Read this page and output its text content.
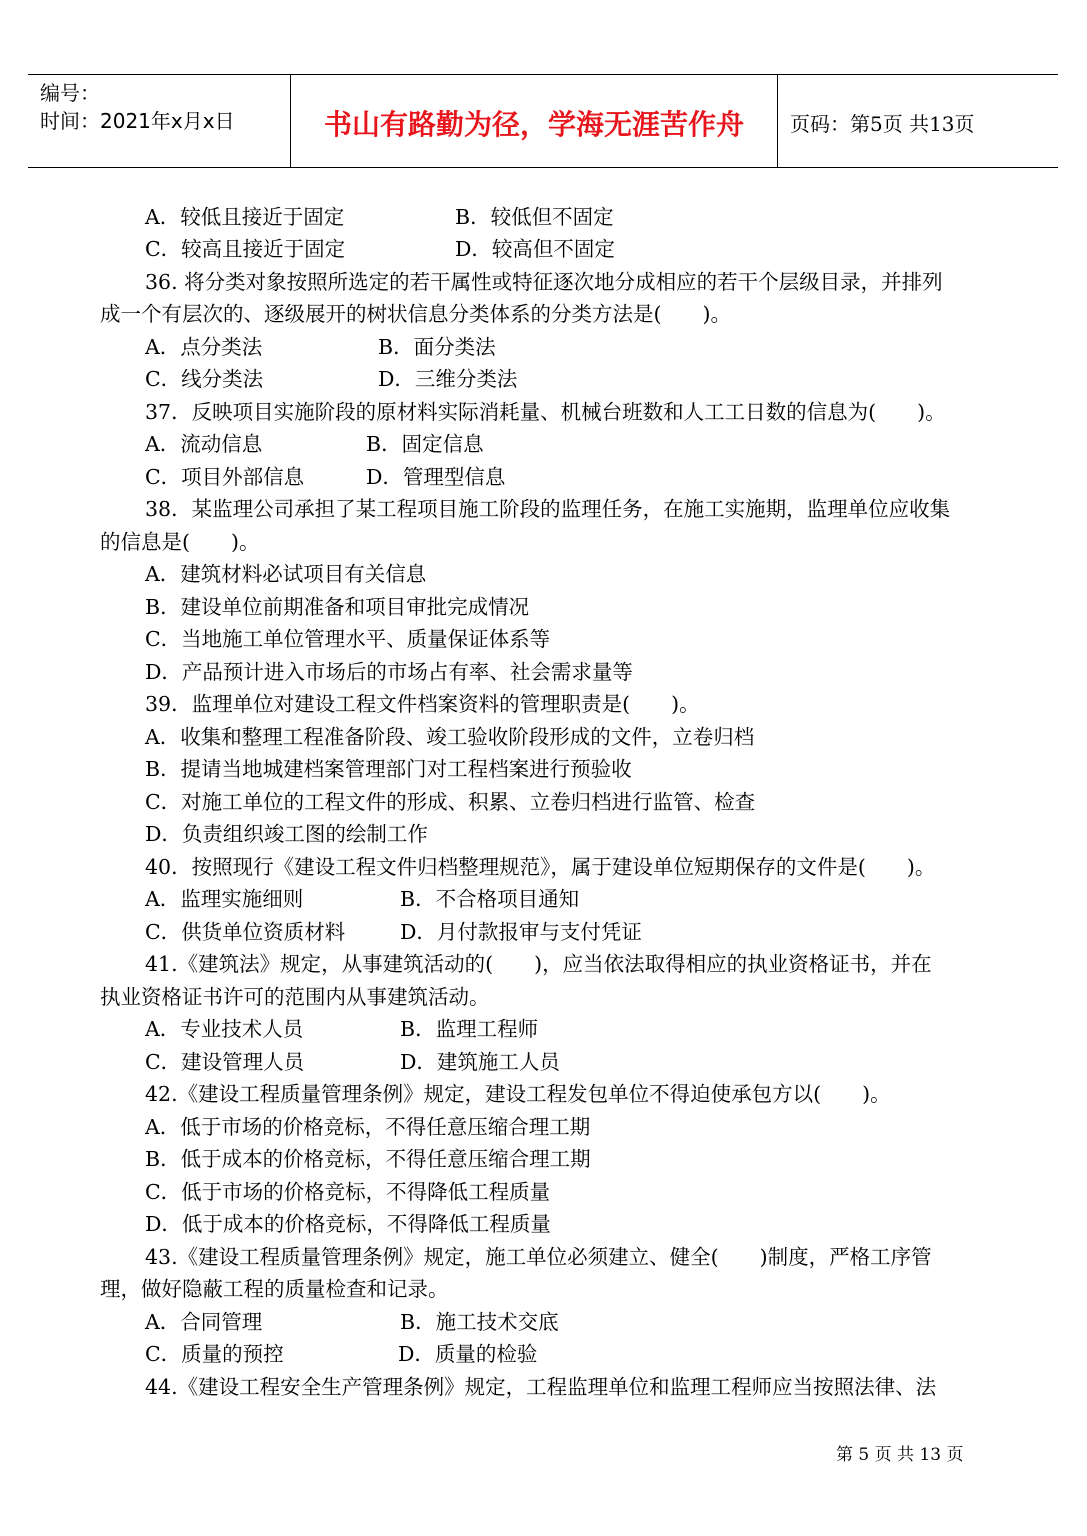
编号：
时间：2021年x月x日	书山有路勤为径，学海无涯苦作舟	页码：第5页 共13页
A．较低且接近于固定	B．较低但不固定
C．较高且接近于固定	D．较高但不固定
36. 将分类对象按照所选定的若干属性或特征逐次地分成相应的若干个层级目录，并排列
成一个有层次的、逐级展开的树状信息分类体系的分类方法是(　　)。
A．点分类法	B．面分类法
C．线分类法	D．三维分类法
37．反映项目实施阶段的原材料实际消耗量、机械台班数和人工工日数的信息为(　　)。
A．流动信息	B．固定信息
C．项目外部信息	D．管理型信息
38．某监理公司承担了某工程项目施工阶段的监理任务，在施工实施期，监理单位应收集
的信息是(　　)。
A．建筑材料必试项目有关信息
B．建设单位前期准备和项目审批完成情况
C．当地施工单位管理水平、质量保证体系等
D．产品预计进入市场后的市场占有率、社会需求量等
39．监理单位对建设工程文件档案资料的管理职责是(　　)。
A．收集和整理工程准备阶段、竣工验收阶段形成的文件，立卷归档
B．提请当地城建档案管理部门对工程档案进行预验收
C．对施工单位的工程文件的形成、积累、立卷归档进行监管、检查
D．负责组织竣工图的绘制工作
40．按照现行《建设工程文件归档整理规范》，属于建设单位短期保存的文件是(　　)。
A．监理实施细则	B．不合格项目通知
C．供货单位资质材料	D．月付款报审与支付凭证
41.《建筑法》规定，从事建筑活动的(　　)，应当依法取得相应的执业资格证书，并在
执业资格证书许可的范围内从事建筑活动。
A．专业技术人员	B．监理工程师
C．建设管理人员	D．建筑施工人员
42.《建设工程质量管理条例》规定，建设工程发包单位不得迫使承包方以(　　)。
A．低于市场的价格竞标，不得任意压缩合理工期
B．低于成本的价格竞标，不得任意压缩合理工期
C．低于市场的价格竞标，不得降低工程质量
D．低于成本的价格竞标，不得降低工程质量
43.《建设工程质量管理条例》规定，施工单位必须建立、健全(　　)制度，严格工序管
理，做好隐蔽工程的质量检查和记录。
A．合同管理	B．施工技术交底
C．质量的预控	D．质量的检验
44.《建设工程安全生产管理条例》规定，工程监理单位和监理工程师应当按照法律、法
第 5 页 共 13 页
